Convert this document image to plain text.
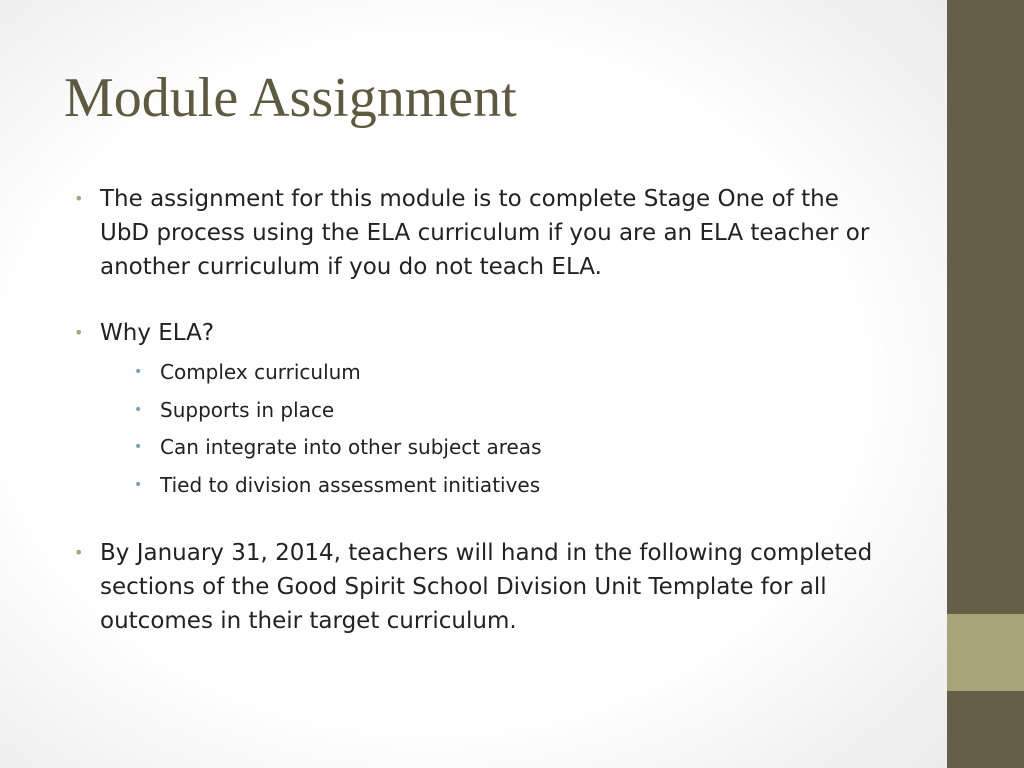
Module Assignment
• The assignment for this module is to complete Stage One of the UbD process using the ELA curriculum if you are an ELA teacher or another curriculum if you do not teach ELA.
• Why ELA?
• Complex curriculum
• Supports in place
• Can integrate into other subject areas
• Tied to division assessment initiatives
• By January 31, 2014, teachers will hand in the following completed sections of the Good Spirit School Division Unit Template for all outcomes in their target curriculum.
